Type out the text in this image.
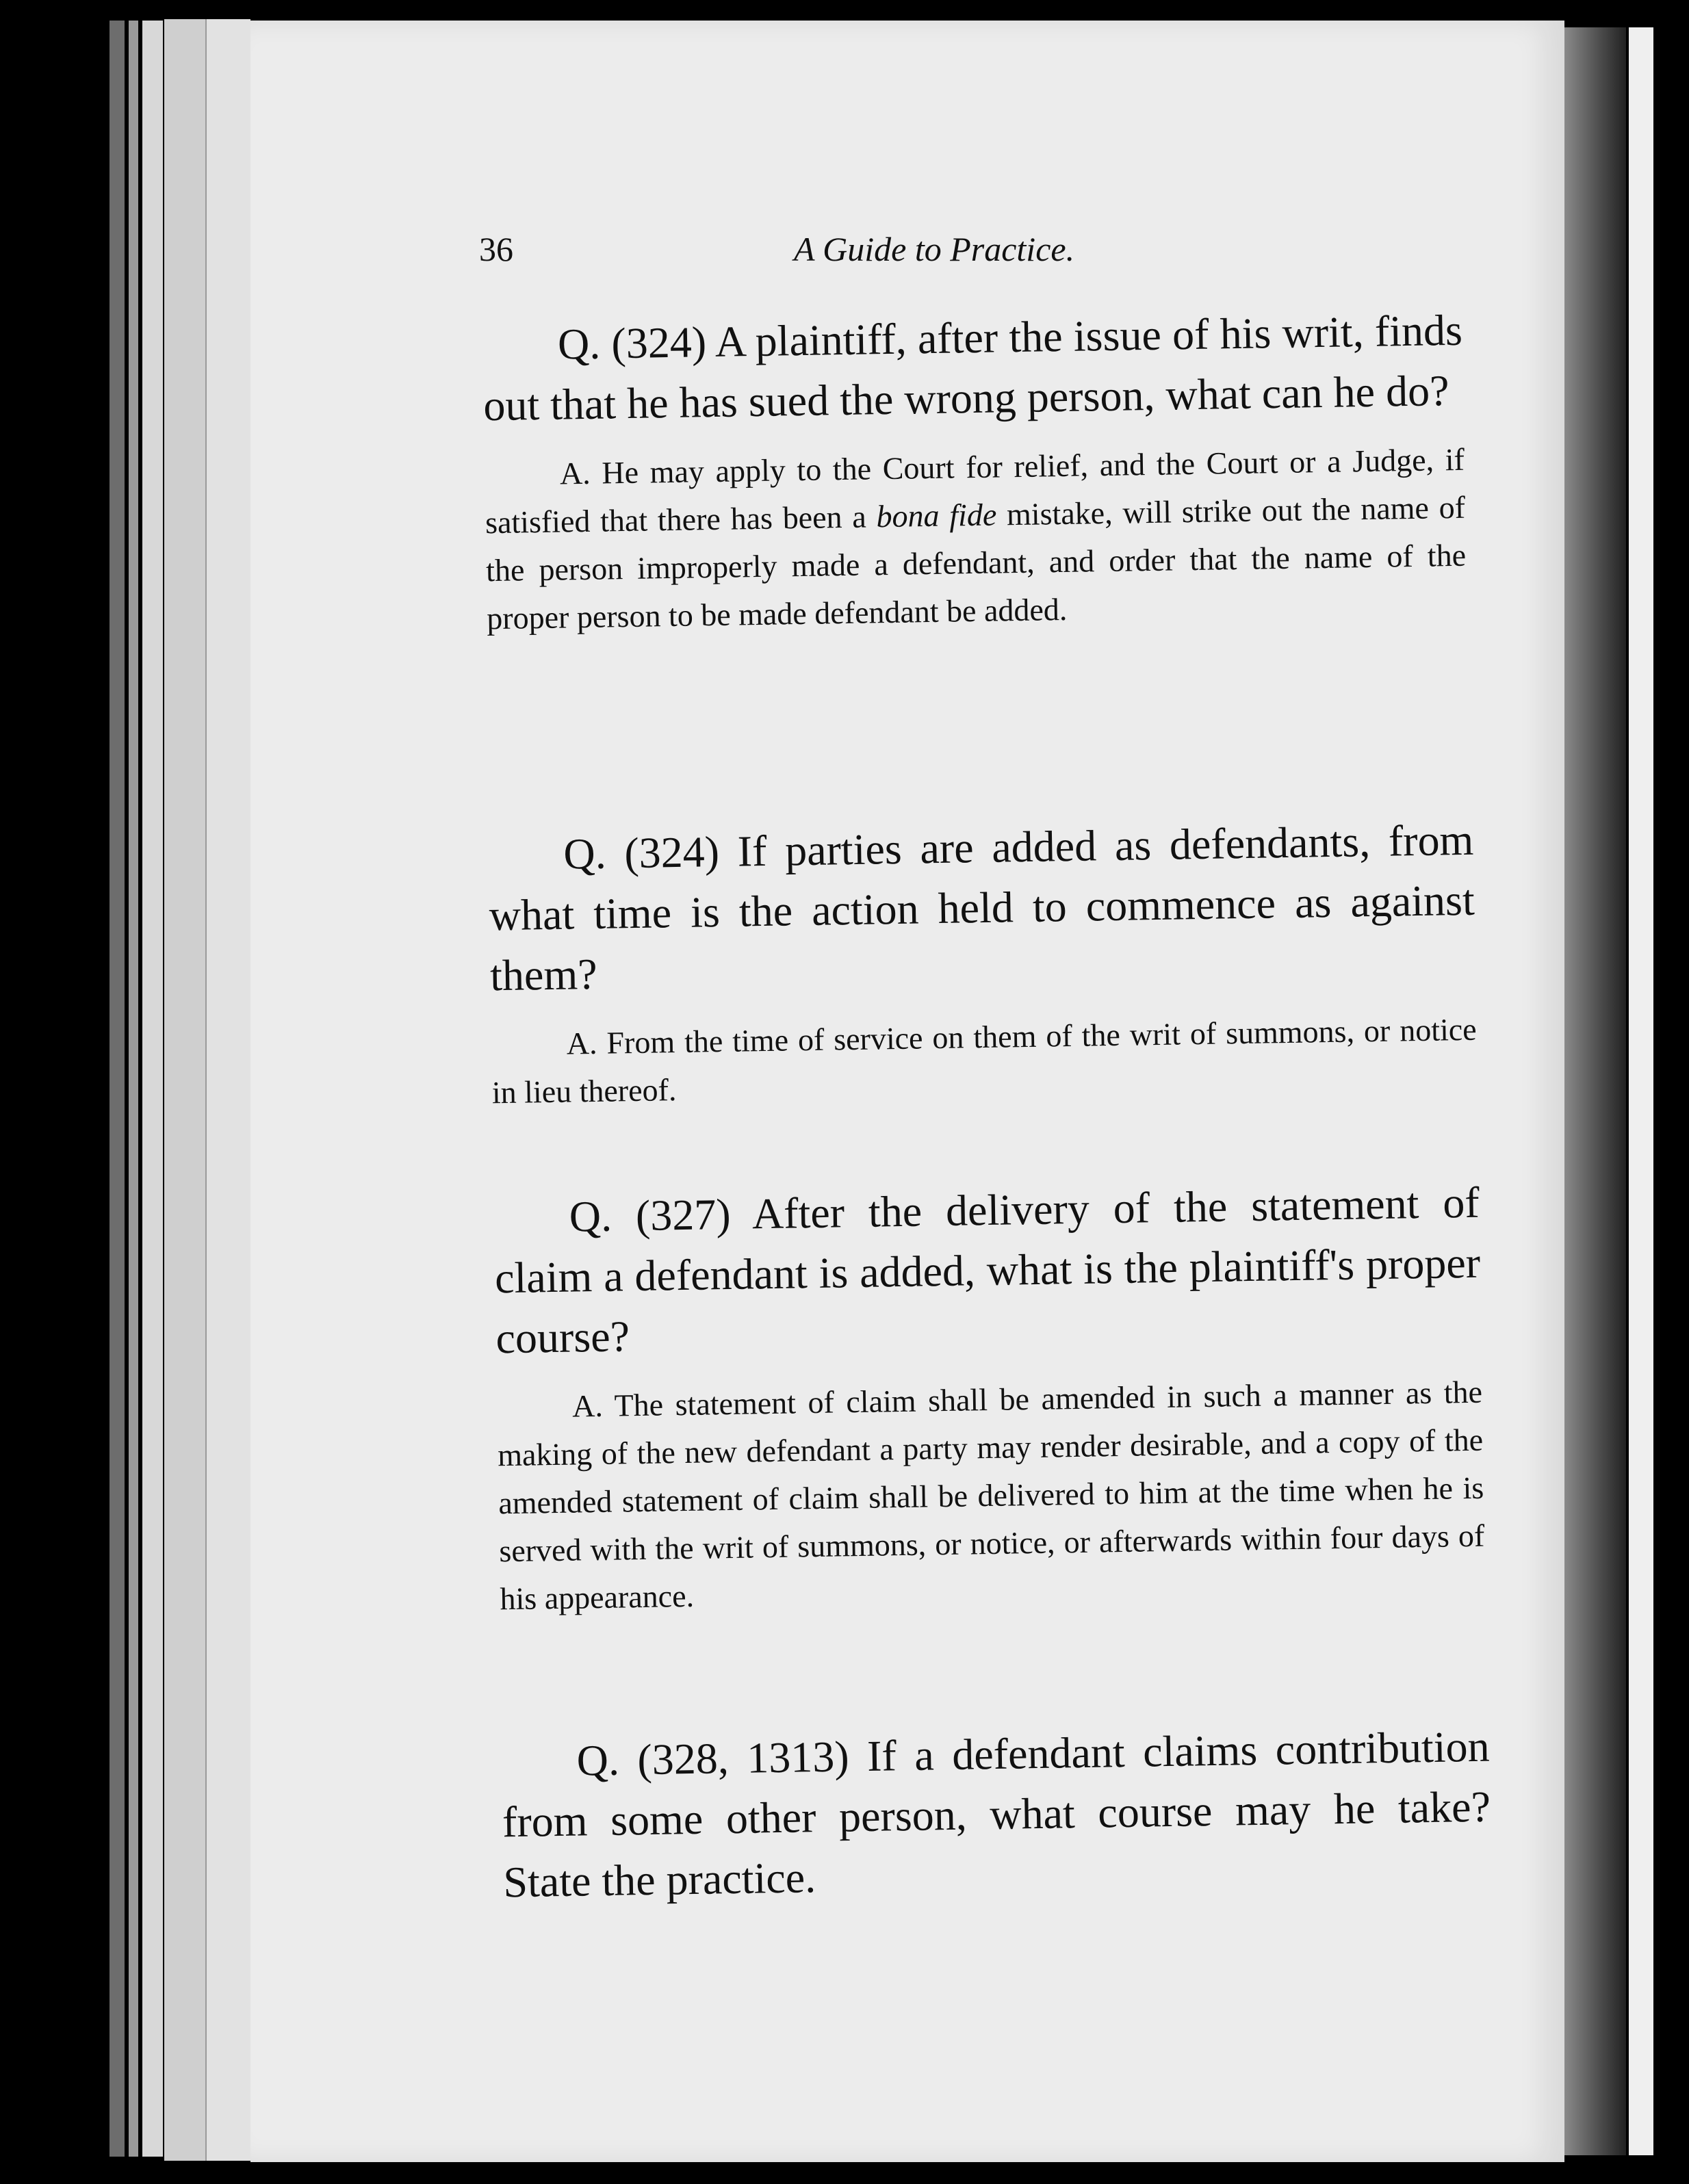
36	A Guide to Practice.

Q. (324) A plaintiff, after the issue of his writ, finds out that he has sued the wrong person, what can he do?

A. He may apply to the Court for relief, and the Court or a Judge, if satisfied that there has been a bona fide mistake, will strike out the name of the person improperly made a defendant, and order that the name of the proper person to be made defendant be added.

Q. (324) If parties are added as defendants, from what time is the action held to commence as against them?

A. From the time of service on them of the writ of summons, or notice in lieu thereof.

Q. (327) After the delivery of the statement of claim a defendant is added, what is the plaintiff's proper course?

A. The statement of claim shall be amended in such a manner as the making of the new defendant a party may render desirable, and a copy of the amended statement of claim shall be delivered to him at the time when he is served with the writ of summons, or notice, or afterwards within four days of his appearance.

Q. (328, 1313) If a defendant claims contribution from some other person, what course may he take? State the practice.
